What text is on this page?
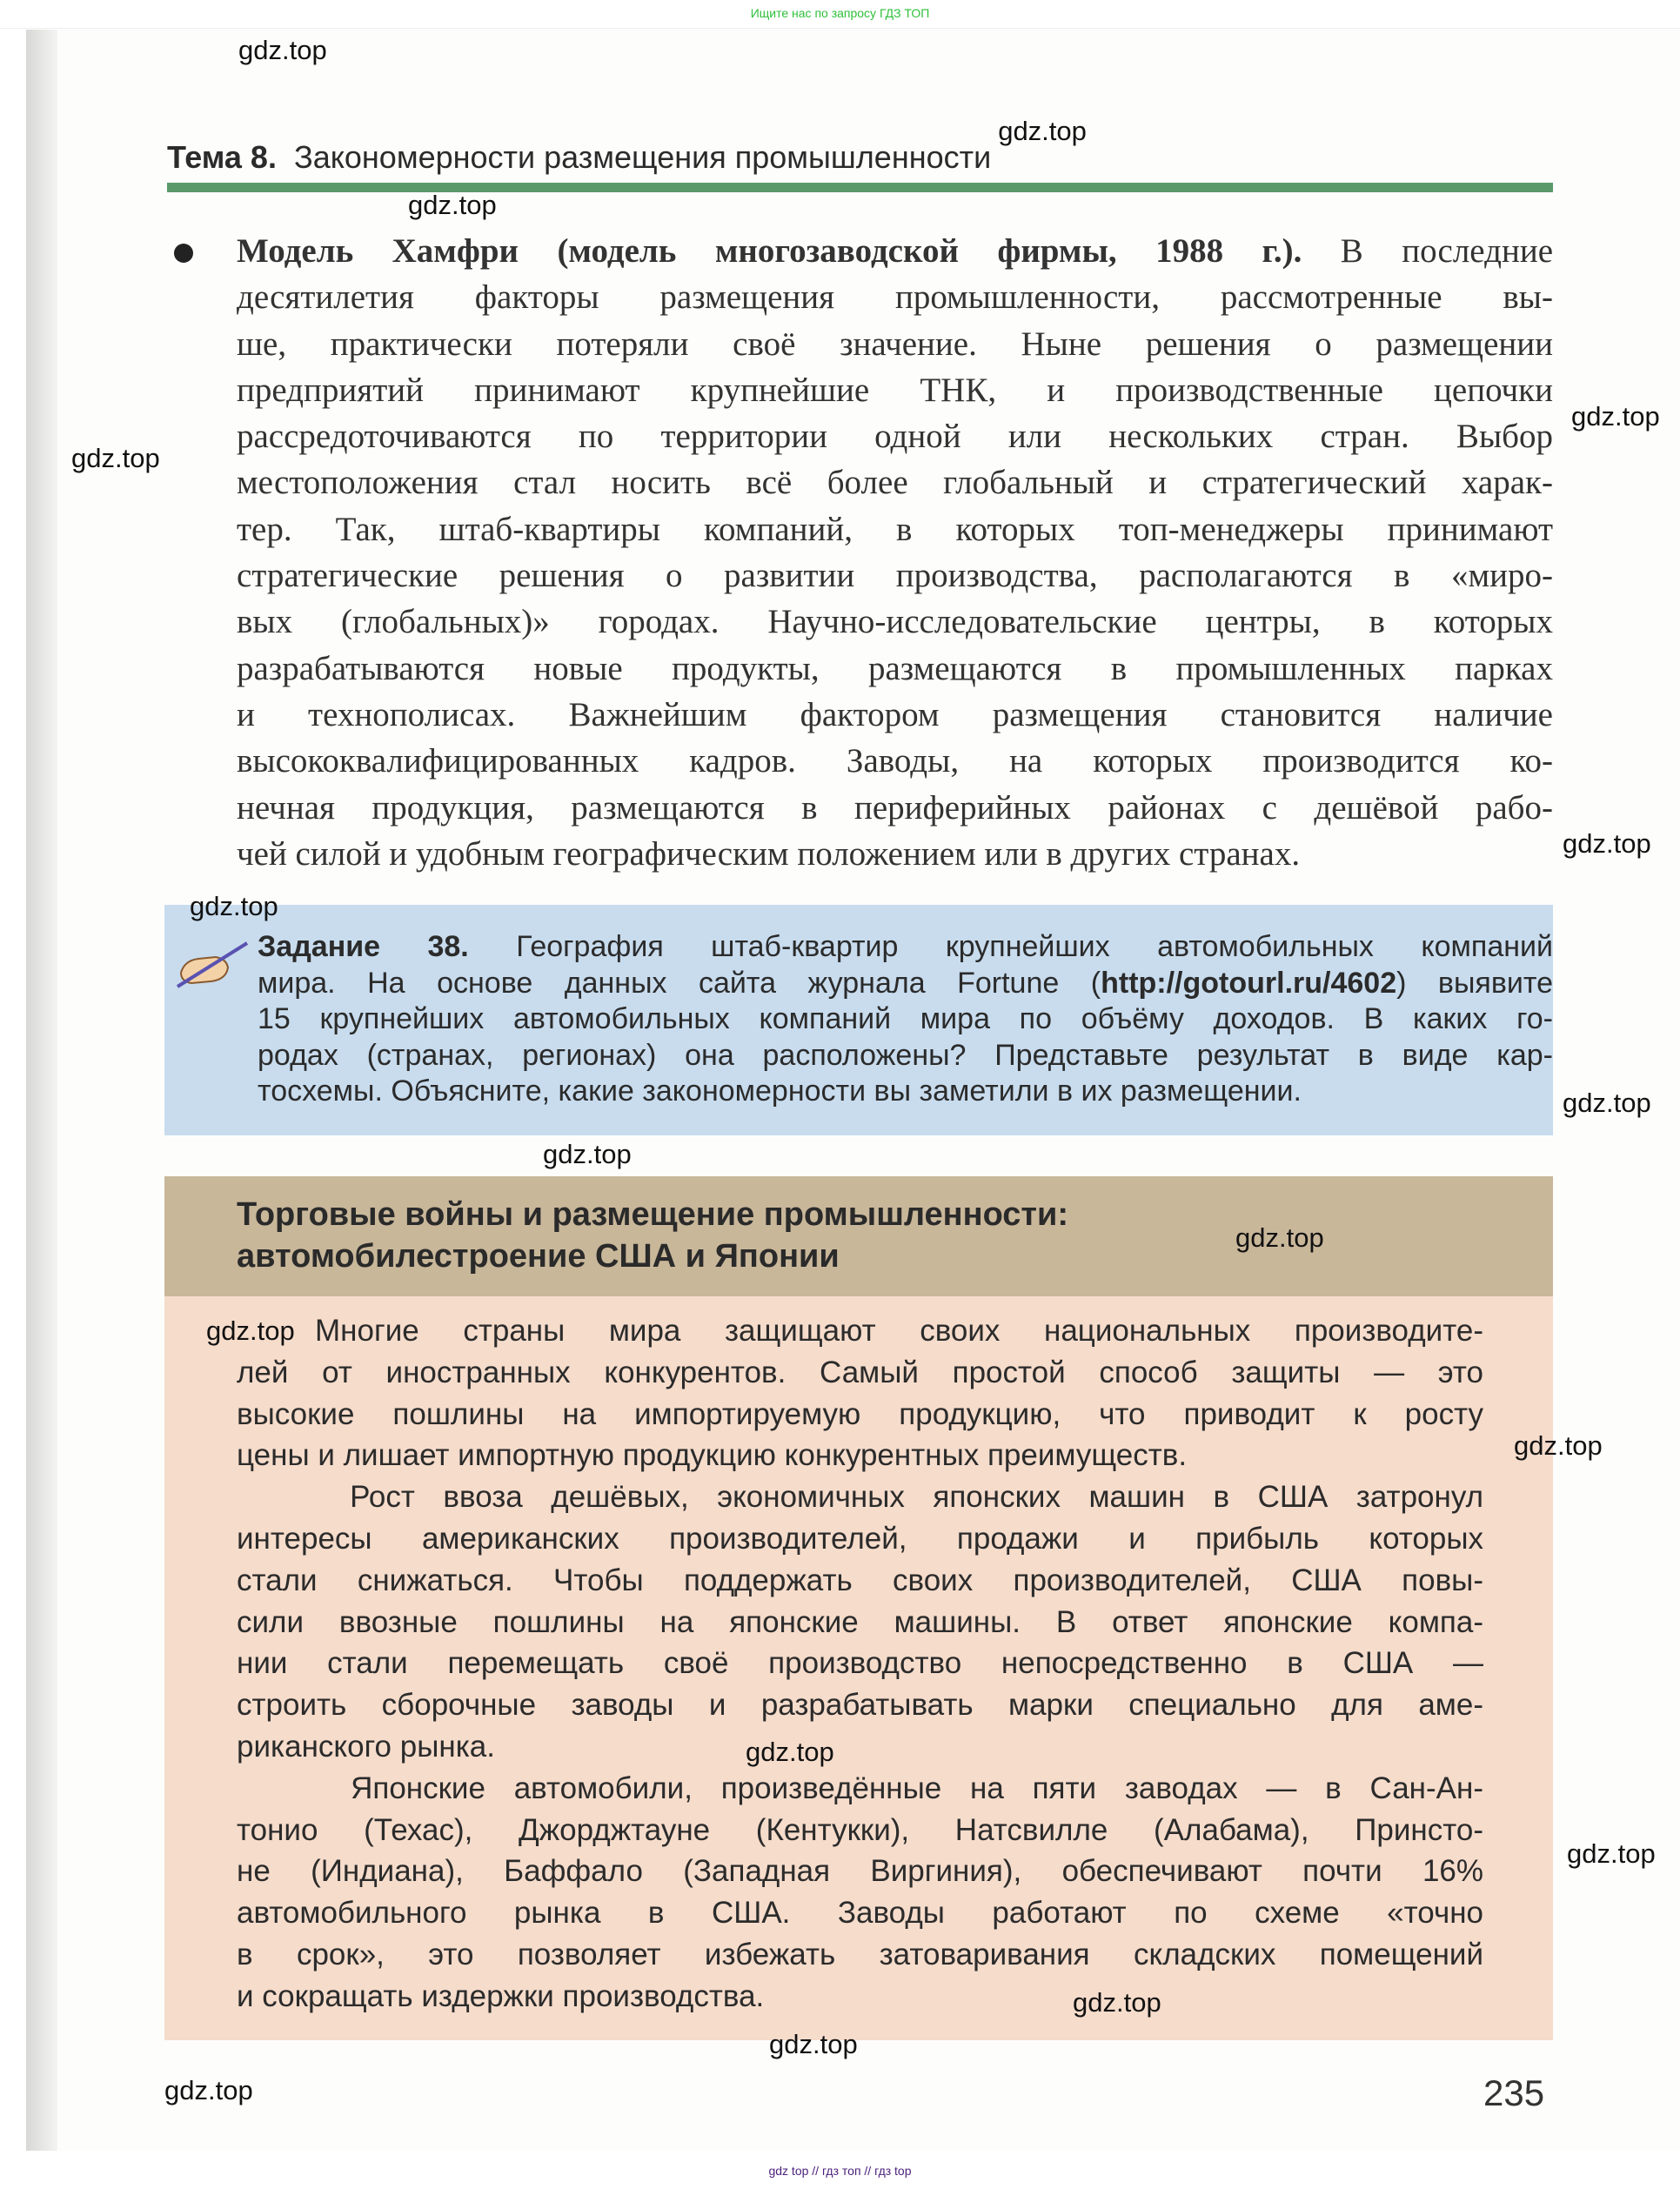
Ищите нас по запросу ГДЗ ТОП
Тема 8. Закономерности размещения промышленности
Модель Хамфри (модель многозаводской фирмы, 1988 г.). В последние
десятилетия факторы размещения промышленности, рассмотренные вы-
ше, практически потеряли своё значение. Ныне решения о размещении
предприятий принимают крупнейшие ТНК, и производственные цепочки
рассредоточиваются по территории одной или нескольких стран. Выбор
местоположения стал носить всё более глобальный и стратегический харак-
тер. Так, штаб-квартиры компаний, в которых топ-менеджеры принимают
стратегические решения о развитии производства, располагаются в «миро-
вых (глобальных)» городах. Научно-исследовательские центры, в которых
разрабатываются новые продукты, размещаются в промышленных парках
и технополисах. Важнейшим фактором размещения становится наличие
высококвалифицированных кадров. Заводы, на которых производится ко-
нечная продукция, размещаются в периферийных районах с дешёвой рабо-
чей силой и удобным географическим положением или в других странах.
Задание 38. География штаб-квартир крупнейших автомобильных компаний
мира. На основе данных сайта журнала Fortune (http://gotourl.ru/4602) выявите
15 крупнейших автомобильных компаний мира по объёму доходов. В каких го-
родах (странах, регионах) она расположены? Представьте результат в виде кар-
тосхемы. Объясните, какие закономерности вы заметили в их размещении.
Торговые войны и размещение промышленности:
автомобилестроение США и Японии
Многие страны мира защищают своих национальных производите-
лей от иностранных конкурентов. Самый простой способ защиты — это
высокие пошлины на импортируемую продукцию, что приводит к росту
цены и лишает импортную продукцию конкурентных преимуществ.
Рост ввоза дешёвых, экономичных японских машин в США затронул
интересы американских производителей, продажи и прибыль которых
стали снижаться. Чтобы поддержать своих производителей, США повы-
сили ввозные пошлины на японские машины. В ответ японские компа-
нии стали перемещать своё производство непосредственно в США —
строить сборочные заводы и разрабатывать марки специально для аме-
риканского рынка.
Японские автомобили, произведённые на пяти заводах — в Сан-Ан-
тонио (Техас), Джорджтауне (Кентукки), Натсвилле (Алабама), Принсто-
не (Индиана), Баффало (Западная Виргиния), обеспечивают почти 16%
автомобильного рынка в США. Заводы работают по схеме «точно
в срок», это позволяет избежать затоваривания складских помещений
и сокращать издержки производства.
235
gdz.top
gdz.top
gdz.top
gdz.top
gdz.top
gdz.top
gdz.top
gdz.top
gdz.top
gdz.top
gdz.top
gdz.top
gdz.top
gdz.top
gdz.top
gdz.top
gdz.top
gdz top // гдз топ // гдз top
